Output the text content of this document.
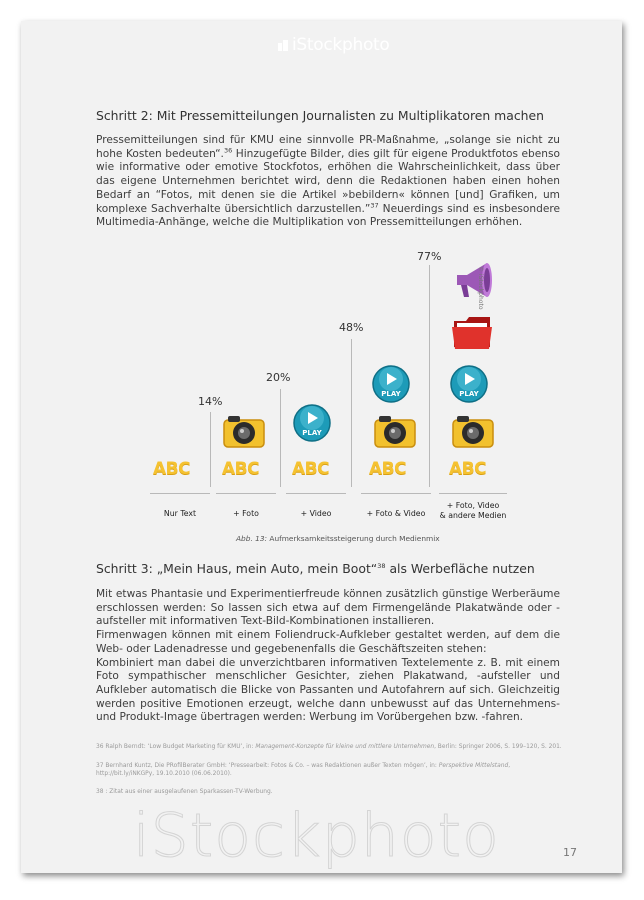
iStockphoto
Schritt 2: Mit Pressemitteilungen Journalisten zu Multiplikatoren machen
Pressemitteilungen sind für KMU eine sinnvolle PR-Maßnahme, „solange sie nicht zu hohe Kosten bedeuten“.$^{36}$ Hinzugefügte Bilder, dies gilt für eigene Produktfotos ebenso wie informative oder emotive Stockfotos, erhöhen die Wahrscheinlichkeit, dass über das eigene Unternehmen berichtet wird, denn die Redaktionen haben einen hohen Bedarf an “Fotos, mit denen sie die Artikel »bebildern« können [und] Grafiken, um komplexe Sachverhalte übersichtlich darzustellen.”$^{37}$ Neuerdings sind es insbesondere Multimedia-Anhänge, welche die Multiplikation von Pressemitteilungen erhöhen.
14%
20%
48%
77%
ABC ABC ABC ABC	ABC
PLAY
PLAY	PLAY
© iStockphoto
Nur Text	+ Foto	+ Video	+ Foto & Video
+ Foto, Video
& andere Medien
Abb. 13: Aufmerksamkeitssteigerung durch Medienmix
Schritt 3: „Mein Haus, mein Auto, mein Boot“$^{38}$ als Werbefläche nutzen

Mit etwas Phantasie und Experimentierfreude können zusätzlich günstige Werberäume erschlossen werden: So lassen sich etwa auf dem Firmengelände Plakatwände oder -aufsteller mit informativen Text-Bild-Kombinationen installieren.

Firmenwagen können mit einem Foliendruck-Aufkleber gestaltet werden, auf dem die Web- oder Ladenadresse und gegebenenfalls die Geschäftszeiten stehen:

Kombiniert man dabei die unverzichtbaren informativen Textelemente z. B. mit einem Foto sympathischer menschlicher Gesichter, ziehen Plakatwand, -aufsteller und Aufkleber automatisch die Blicke von Passanten und Autofahrern auf sich. Gleichzeitig werden positive Emotionen erzeugt, welche dann unbewusst auf das Unternehmens- und Produkt-Image übertragen werden: Werbung im Vorübergehen bzw. -fahren.

36 Ralph Berndt: ‘Low Budget Marketing für KMU’, in: Management-Konzepte für kleine und mittlere Unternehmen, Berlin: Springer 2006, S. 199–120, S. 201.
37 Bernhard Kuntz, Die PRofilBerater GmbH: ‘Pressearbeit: Fotos & Co. – was Redaktionen außer Texten mögen’, in: Perspektive Mittelstand, http://bit.ly/iNKGPy, 19.10.2010 (06.06.2010).
38 : Zitat aus einer ausgelaufenen Sparkassen-TV-Werbung.
iStockphoto	17
